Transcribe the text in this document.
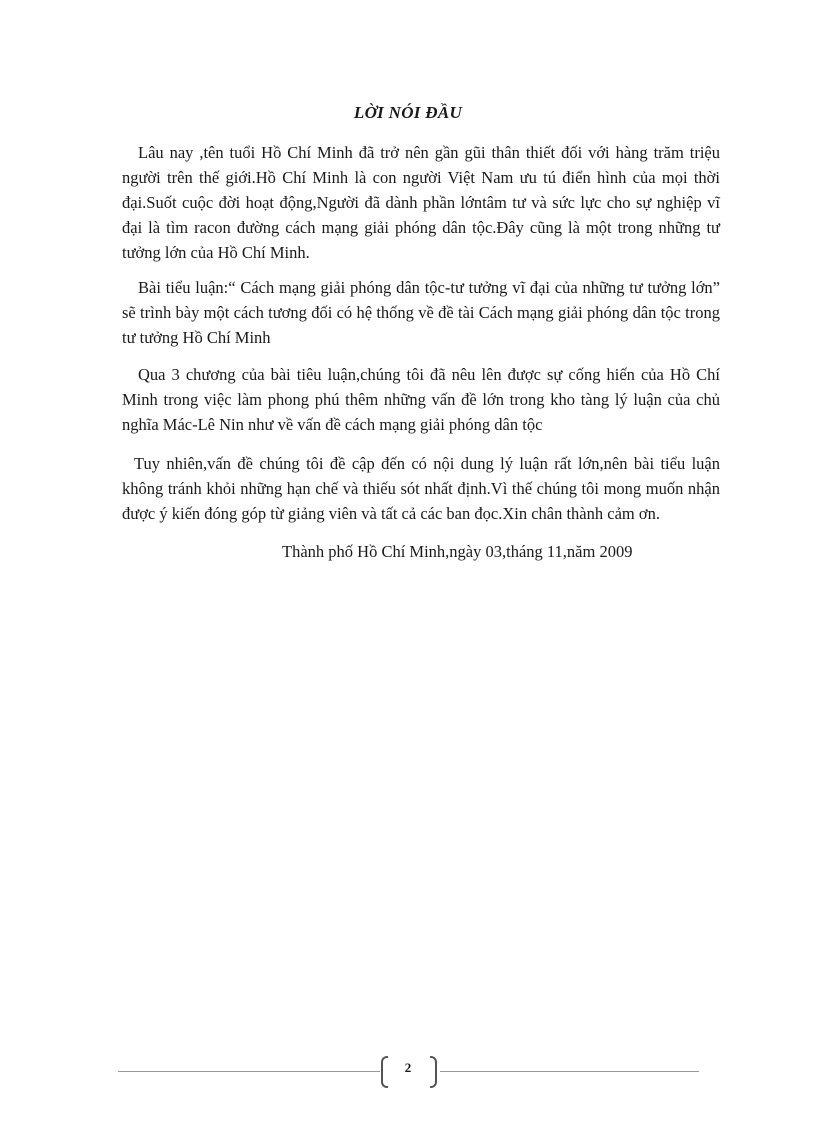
LỜI NÓI ĐẦU

Lâu nay ,tên tuổi Hồ Chí Minh đã trở nên gần gũi thân thiết đối với hàng trăm triệu người trên thế giới.Hồ Chí Minh là con người Việt Nam ưu tú điển hình của mọi thời đại.Suốt cuộc đời hoạt động,Người đã dành phần lớntâm tư và sức lực cho sự nghiệp vĩ đại là tìm racon đường cách mạng giải phóng dân tộc.Đây cũng là một trong những tư tưởng lớn của Hồ Chí Minh.

Bài tiểu luận:“ Cách mạng giải phóng dân tộc-tư tưởng vĩ đại của những tư tưởng lớn” sẽ trình bày một cách tương đối có hệ thống về đề tài Cách mạng giải phóng dân tộc trong tư tưởng Hồ Chí Minh

Qua 3 chương của bài tiêu luận,chúng tôi đã nêu lên được sự cống hiến của Hồ Chí Minh trong việc làm phong phú thêm những vấn đề lớn trong kho tàng lý luận của chủ nghĩa Mác-Lê Nin như về vấn đề cách mạng giải phóng dân tộc

Tuy nhiên,vấn đề chúng tôi đề cập đến có nội dung lý luận rất lớn,nên bài tiểu luận không tránh khỏi những hạn chế và thiếu sót nhất định.Vì thế chúng tôi mong muốn nhận được ý kiến đóng góp từ giảng viên và tất cả các ban đọc.Xin chân thành cảm ơn.

Thành phố Hồ Chí Minh,ngày 03,tháng 11,năm 2009

2
